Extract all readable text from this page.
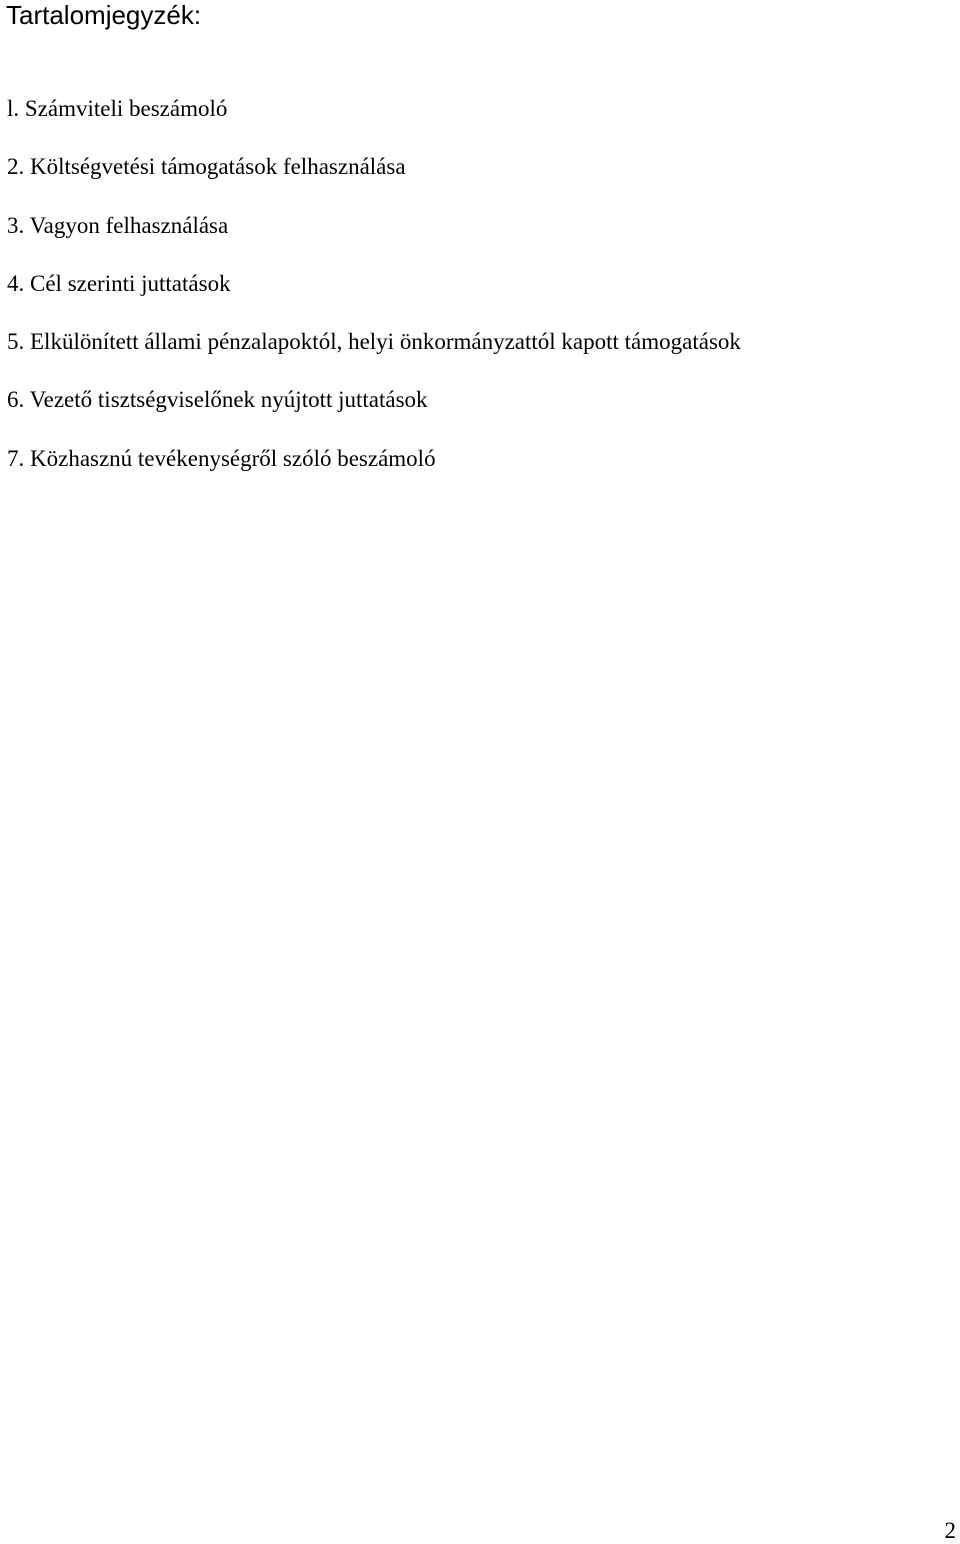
Tartalomjegyzék:
l. Számviteli beszámoló
2. Költségvetési támogatások felhasználása
3. Vagyon felhasználása
4. Cél szerinti juttatások
5. Elkülönített állami pénzalapoktól, helyi önkormányzattól kapott támogatások
6. Vezető tisztségviselőnek nyújtott juttatások
7. Közhasznú tevékenységről szóló beszámoló
2
